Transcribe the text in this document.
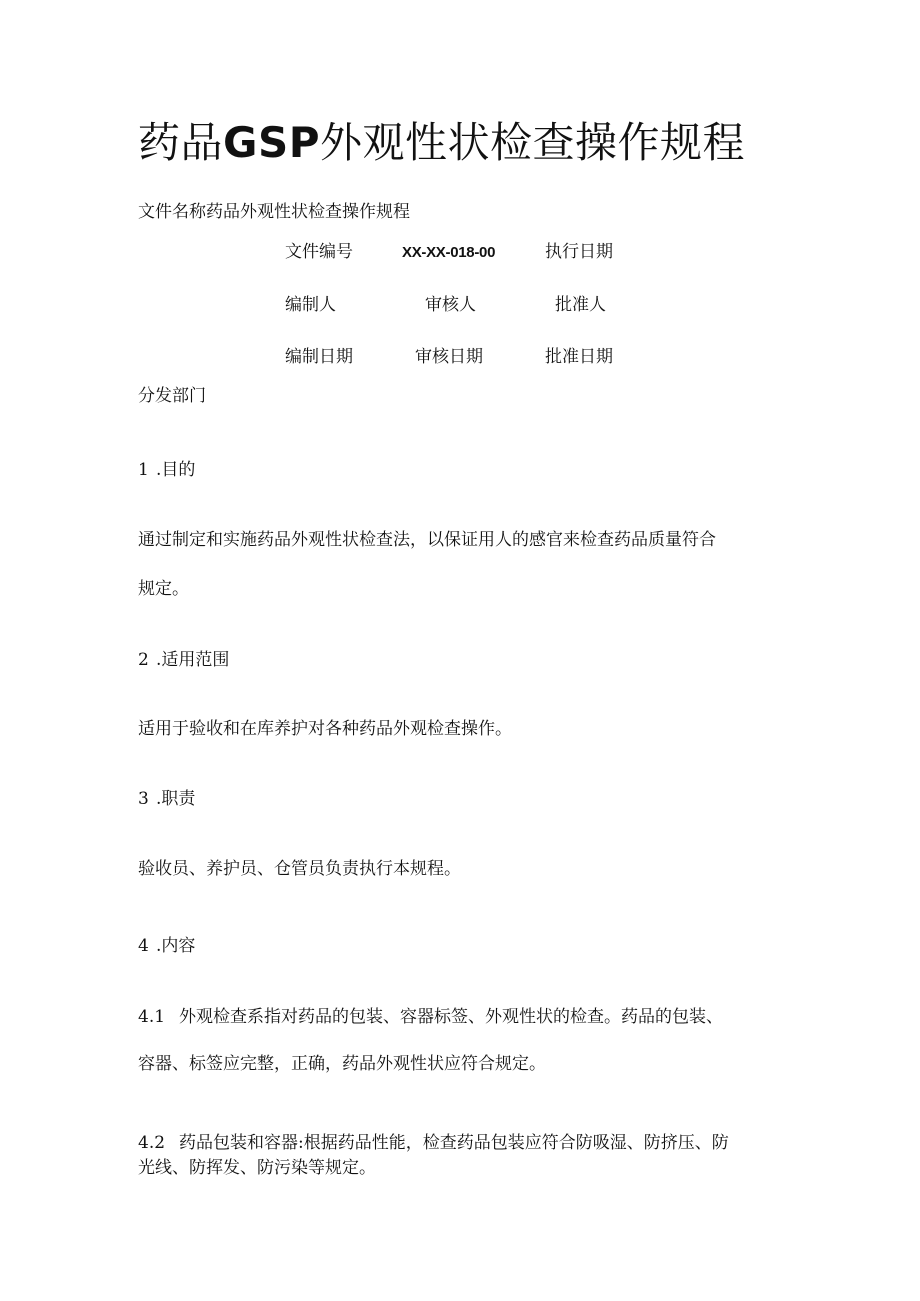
药品GSP外观性状检查操作规程
文件名称药品外观性状检查操作规程
文件编号	XX-XX-018-00	执行日期
编制人	审核人	批准人
编制日期	审核日期	批准日期
分发部门
1 .目的
通过制定和实施药品外观性状检查法，以保证用人的感官来检查药品质量符合
规定。
2 .适用范围
适用于验收和在库养护对各种药品外观检查操作。
3 .职责
验收员、养护员、仓管员负责执行本规程。
4 .内容
4.1 外观检查系指对药品的包装、容器标签、外观性状的检查。药品的包装、
容器、标签应完整，正确，药品外观性状应符合规定。
4.2 药品包装和容器:根据药品性能，检查药品包装应符合防吸湿、防挤压、防
光线、防挥发、防污染等规定。
